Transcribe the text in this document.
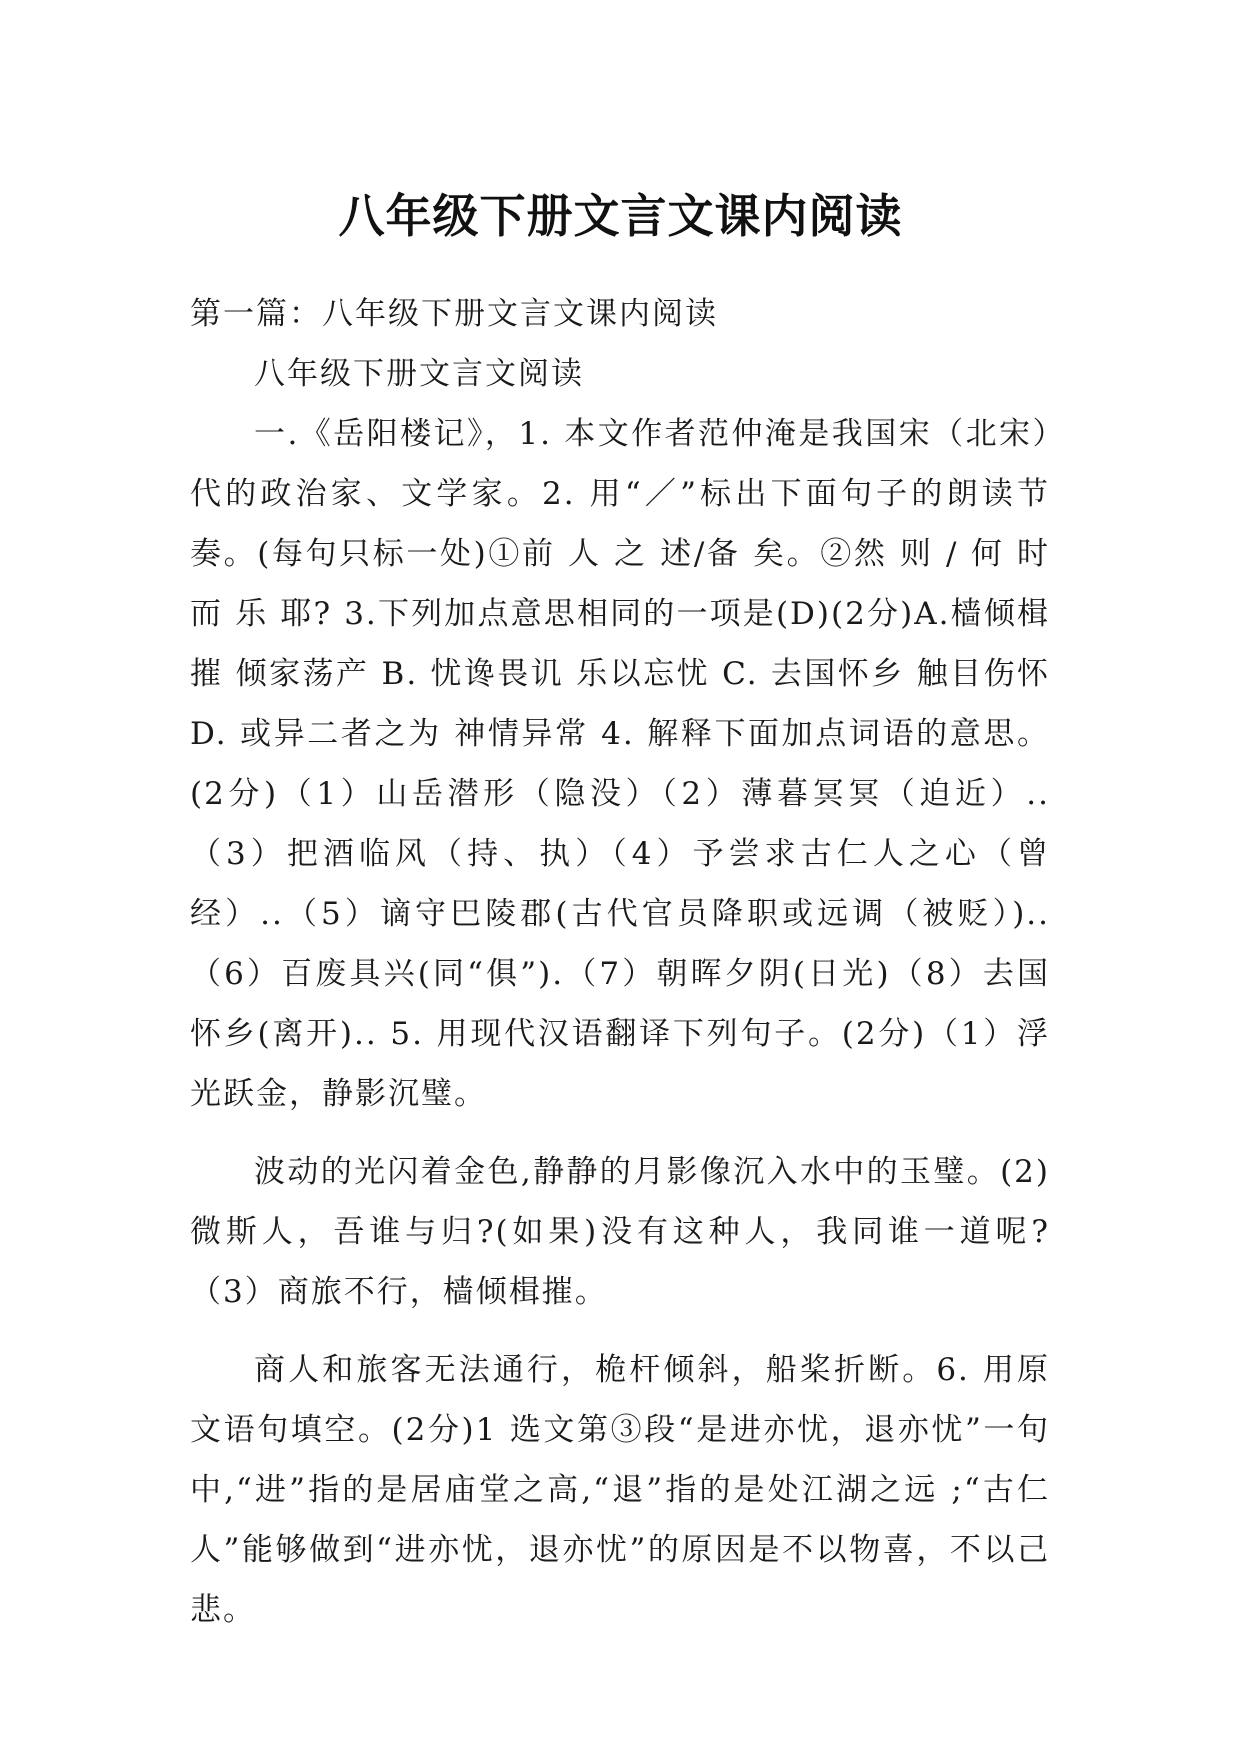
八年级下册文言文课内阅读

第一篇：八年级下册文言文课内阅读

八年级下册文言文阅读

一.《岳阳楼记》，1. 本文作者范仲淹是我国宋（北宋）代的政治家、文学家。2. 用“／”标出下面句子的朗读节奏。(每句只标一处)①前 人 之 述/备 矣。②然 则 / 何 时 而 乐 耶? 3.下列加点意思相同的一项是(D)(2分)A.樯倾楫摧 倾家荡产 B. 忧谗畏讥 乐以忘忧 C. 去国怀乡 触目伤怀 D. 或异二者之为 神情异常 4. 解释下面加点词语的意思。(2分)（1）山岳潜形（隐没）（2）薄暮冥冥（迫近）..（3）把酒临风（持、执）（4）予尝求古仁人之心（曾经）..（5）谪守巴陵郡(古代官员降职或远调（被贬）)..（6）百废具兴(同“俱”).（7）朝晖夕阴(日光)（8）去国怀乡(离开).. 5. 用现代汉语翻译下列句子。(2分)（1）浮光跃金，静影沉璧。

波动的光闪着金色,静静的月影像沉入水中的玉璧。(2)微斯人，吾谁与归?(如果)没有这种人，我同谁一道呢?（3）商旅不行，樯倾楫摧。

商人和旅客无法通行，桅杆倾斜，船桨折断。6. 用原文语句填空。(2分)1 选文第③段“是进亦忧，退亦忧”一句中,“进”指的是居庙堂之高,“退”指的是处江湖之远 ;“古仁人”能够做到“进亦忧，退亦忧”的原因是不以物喜，不以己悲。
